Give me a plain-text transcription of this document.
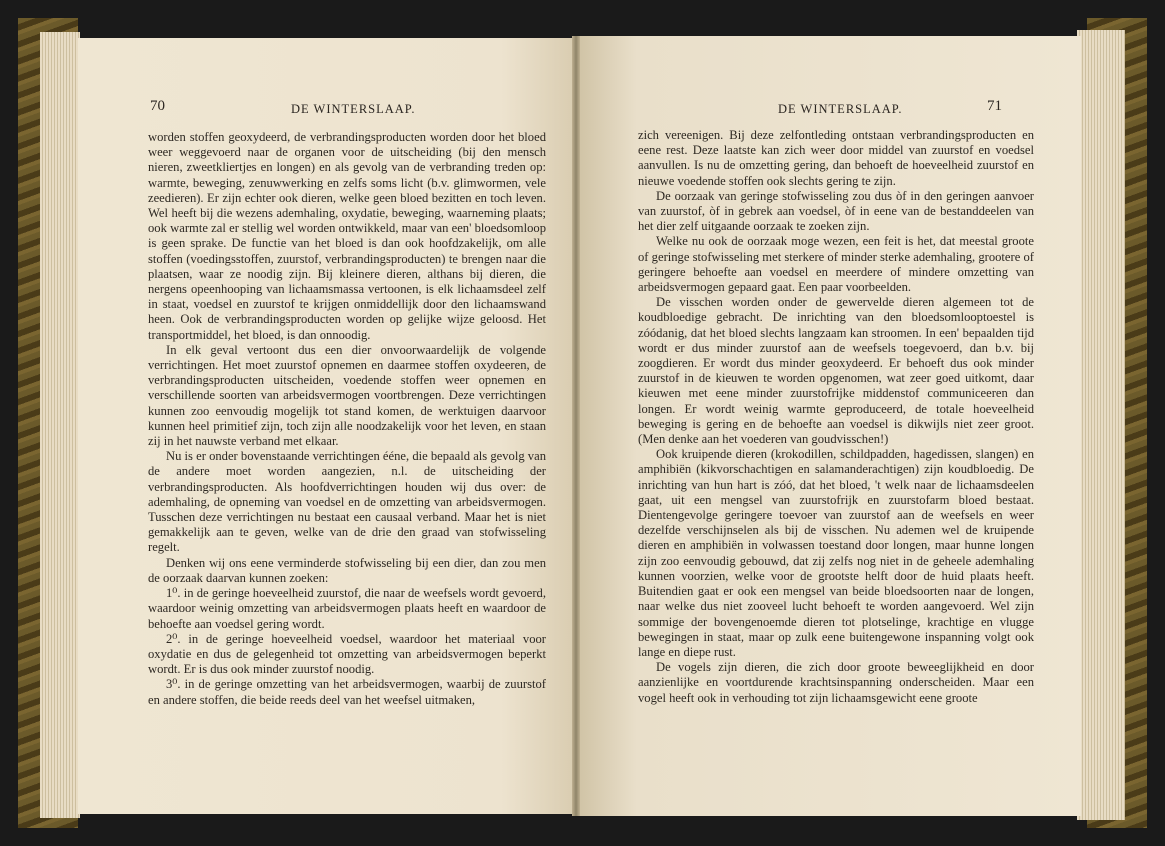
70	DE WINTERSLAAP.	71
DE WINTERSLAAP.

worden stoffen geoxydeerd, de verbrandingsproducten worden door het bloed weer weggevoerd naar de organen voor de uitscheiding (bij den mensch nieren, zweetkliertjes en longen) en als gevolg van de verbranding treden op: warmte, beweging, zenuwwerking en zelfs soms licht (b.v. glimwormen, vele zeedieren). Er zijn echter ook dieren, welke geen bloed bezitten en toch leven. Wel heeft bij die wezens ademhaling, oxydatie, beweging, waarneming plaats; ook warmte zal er stellig wel worden ontwikkeld, maar van een' bloedsomloop is geen sprake. De functie van het bloed is dan ook hoofdzakelijk, om alle stoffen (voedingsstoffen, zuurstof, verbrandingsproducten) te brengen naar die plaatsen, waar ze noodig zijn. Bij kleinere dieren, althans bij dieren, die nergens opeenhooping van lichaamsmassa vertoonen, is elk lichaamsdeel zelf in staat, voedsel en zuurstof te krijgen onmiddellijk door den lichaamswand heen. Ook de verbrandingsproducten worden op gelijke wijze geloosd. Het transportmiddel, het bloed, is dan onnoodig.

In elk geval vertoont dus een dier onvoorwaardelijk de volgende verrichtingen. Het moet zuurstof opnemen en daarmee stoffen oxydeeren, de verbrandingsproducten uitscheiden, voedende stoffen weer opnemen en verschillende soorten van arbeidsvermogen voortbrengen. Deze verrichtingen kunnen zoo eenvoudig mogelijk tot stand komen, de werktuigen daarvoor kunnen heel primitief zijn, toch zijn alle noodzakelijk voor het leven, en staan zij in het nauwste verband met elkaar.

Nu is er onder bovenstaande verrichtingen ééne, die bepaald als gevolg van de andere moet worden aangezien, n.l. de uitscheiding der verbrandingsproducten. Als hoofdverrichtingen houden wij dus over: de ademhaling, de opneming van voedsel en de omzetting van arbeidsvermogen. Tusschen deze verrichtingen nu bestaat een causaal verband. Maar het is niet gemakkelijk aan te geven, welke van de drie den graad van stofwisseling regelt.

Denken wij ons eene verminderde stofwisseling bij een dier, dan zou men de oorzaak daarvan kunnen zoeken:

1⁰. in de geringe hoeveelheid zuurstof, die naar de weefsels wordt gevoerd, waardoor weinig omzetting van arbeidsvermogen plaats heeft en waardoor de behoefte aan voedsel gering wordt.

2⁰. in de geringe hoeveelheid voedsel, waardoor het materiaal voor oxydatie en dus de gelegenheid tot omzetting van arbeidsvermogen beperkt wordt. Er is dus ook minder zuurstof noodig.

3⁰. in de geringe omzetting van het arbeidsvermogen, waarbij de zuurstof en andere stoffen, die beide reeds deel van het weefsel uitmaken,

zich vereenigen. Bij deze zelfontleding ontstaan verbrandingsproducten en eene rest. Deze laatste kan zich weer door middel van zuurstof en voedsel aanvullen. Is nu de omzetting gering, dan behoeft de hoeveelheid zuurstof en nieuwe voedende stoffen ook slechts gering te zijn.

De oorzaak van geringe stofwisseling zou dus òf in den geringen aanvoer van zuurstof, òf in gebrek aan voedsel, òf in eene van de bestanddeelen van het dier zelf uitgaande oorzaak te zoeken zijn.

Welke nu ook de oorzaak moge wezen, een feit is het, dat meestal groote of geringe stofwisseling met sterkere of minder sterke ademhaling, grootere of geringere behoefte aan voedsel en meerdere of mindere omzetting van arbeidsvermogen gepaard gaat. Een paar voorbeelden.

De visschen worden onder de gewervelde dieren algemeen tot de koudbloedige gebracht. De inrichting van den bloedsomlooptoestel is zóódanig, dat het bloed slechts langzaam kan stroomen. In een' bepaalden tijd wordt er dus minder zuurstof aan de weefsels toegevoerd, dan b.v. bij zoogdieren. Er wordt dus minder geoxydeerd. Er behoeft dus ook minder zuurstof in de kieuwen te worden opgenomen, wat zeer goed uitkomt, daar kieuwen met eene minder zuurstofrijke middenstof communiceeren dan longen. Er wordt weinig warmte geproduceerd, de totale hoeveelheid beweging is gering en de behoefte aan voedsel is dikwijls niet zeer groot. (Men denke aan het voederen van goudvisschen!)

Ook kruipende dieren (krokodillen, schildpadden, hagedissen, slangen) en amphibiën (kikvorschachtigen en salamanderachtigen) zijn koudbloedig. De inrichting van hun hart is zóó, dat het bloed, 't welk naar de lichaamsdeelen gaat, uit een mengsel van zuurstofrijk en zuurstofarm bloed bestaat. Dientengevolge geringere toevoer van zuurstof aan de weefsels en weer dezelfde verschijnselen als bij de visschen. Nu ademen wel de kruipende dieren en amphibiën in volwassen toestand door longen, maar hunne longen zijn zoo eenvoudig gebouwd, dat zij zelfs nog niet in de geheele ademhaling kunnen voorzien, welke voor de grootste helft door de huid plaats heeft. Buitendien gaat er ook een mengsel van beide bloedsoorten naar de longen, naar welke dus niet zooveel lucht behoeft te worden aangevoerd. Wel zijn sommige der bovengenoemde dieren tot plotselinge, krachtige en vlugge bewegingen in staat, maar op zulk eene buitengewone inspanning volgt ook lange en diepe rust.

De vogels zijn dieren, die zich door groote beweeglijkheid en door aanzienlijke en voortdurende krachtsinspanning onderscheiden. Maar een vogel heeft ook in verhouding tot zijn lichaamsgewicht eene groote
